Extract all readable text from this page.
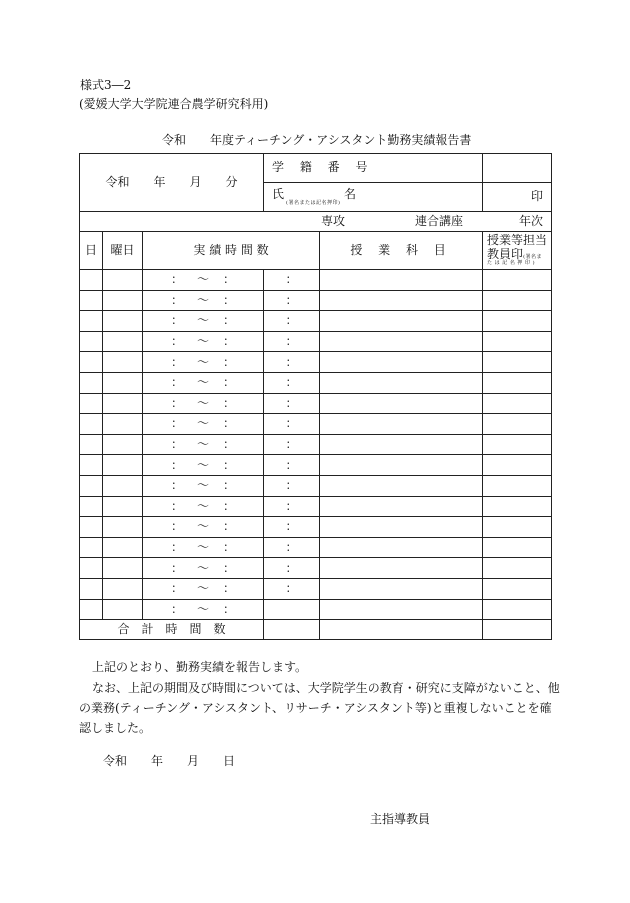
様式3―2
(愛媛大学大学院連合農学研究科用)
令和　　年度ティーチング・アシスタント勤務実績報告書
令和　　年　　月　　分			学 籍 番 号		

			氏　　　　　名
(署名または記名押印)		印

専攻 連合講座 年次					

日	曜日	実 績 時 間 数		授 業 科 目	授業等担当
教員印(署名ま
た は 記 名 押 印 )

		： 〜 ：	：		

		： 〜 ：	：		

		： 〜 ：	：		

		： 〜 ：	：		

		： 〜 ：	：		

		： 〜 ：	：		

		： 〜 ：	：		

		： 〜 ：	：		

		： 〜 ：	：		

		： 〜 ：	：		

		： 〜 ：	：		

		： 〜 ：	：		

		： 〜 ：	：		

		： 〜 ：	：		

		： 〜 ：	：		

		： 〜 ：	：		

		： 〜 ：			

合　計　時　間　数					
上記のとおり、勤務実績を報告します。
なお、上記の期間及び時間については、大学院学生の教育・研究に支障がないこと、他
の業務(ティーチング・アシスタント、リサーチ・アシスタント等)と重複しないことを確
認しました。
令和　　年　　月　　日
主指導教員
